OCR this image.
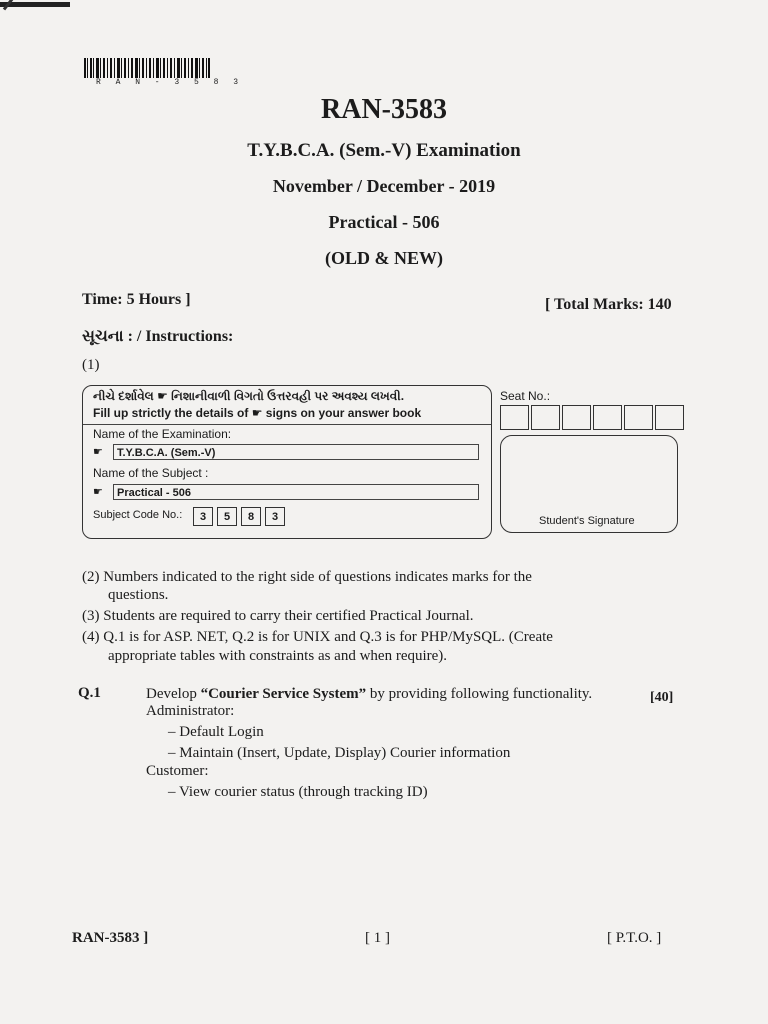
R A N - 3 5 8 3
RAN-3583
T.Y.B.C.A. (Sem.-V) Examination
November / December - 2019
Practical - 506
(OLD & NEW)
Time: 5 Hours ]	[ Total Marks: 140
સૂચના : / Instructions:
(1)
નીચે દર્શાવેલ ☛ નિશાનીવાળી વિગતો ઉત્તરવહી પર અવશ્ય લખવી.
Fill up strictly the details of ☛ signs on your answer book
Name of the Examination:
☛	T.Y.B.C.A. (Sem.-V)
Name of the Subject :
☛	Practical - 506
Subject Code No.:	3	5	8	3
Seat No.:
Student's Signature
(2) Numbers indicated to the right side of questions indicates marks for the
questions.
(3) Students are required to carry their certified Practical Journal.
(4) Q.1 is for ASP. NET, Q.2 is for UNIX and Q.3 is for PHP/MySQL. (Create
appropriate tables with constraints as and when require).
Q.1	Develop “Courier Service System” by providing following functionality.	[40]
Administrator:
– Default Login
– Maintain (Insert, Update, Display) Courier information
Customer:
– View courier status (through tracking ID)
RAN-3583 ]	[ 1 ]	[ P.T.O. ]
